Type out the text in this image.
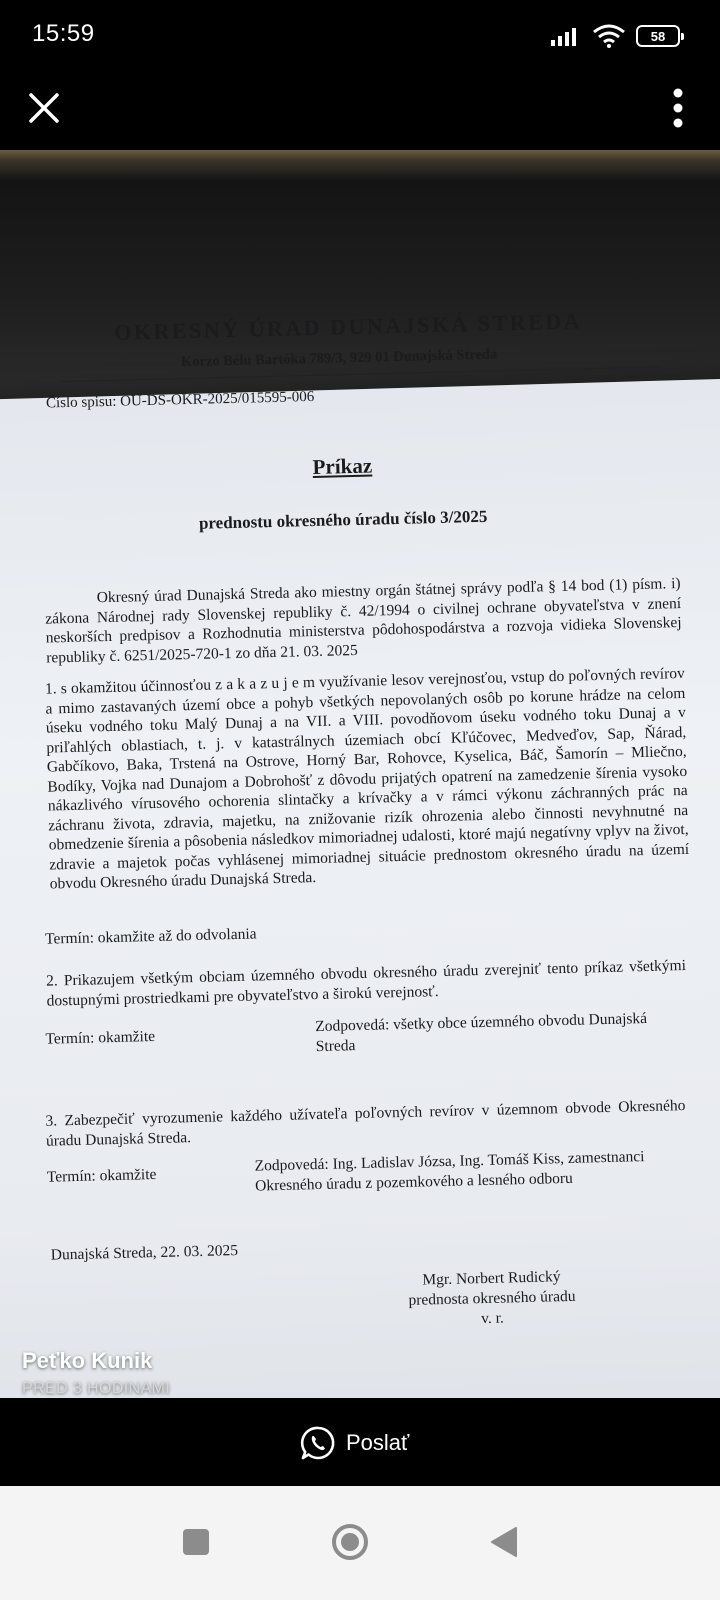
15:59	58
OKRESNÝ ÚRAD DUNAJSKÁ STREDA
Korzo Bélu Bartóka 789/3, 929 01 Dunajská Streda
Číslo spisu: OU-DS-OKR-2025/015595-006
Príkaz
prednostu okresného úradu číslo 3/2025
Okresný úrad Dunajská Streda ako miestny orgán štátnej správy podľa § 14 bod (1) písm. i) zákona Národnej rady Slovenskej republiky č. 42/1994 o civilnej ochrane obyvateľstva v znení neskorších predpisov a Rozhodnutia ministerstva pôdohospodárstva a rozvoja vidieka Slovenskej republiky č. 6251/2025-720-1 zo dňa 21. 03. 2025
1. s okamžitou účinnosťou z a k a z u j e m využívanie lesov verejnosťou, vstup do poľovných revírov a mimo zastavaných území obce a pohyb všetkých nepovolaných osôb po korune hrádze na celom úseku vodného toku Malý Dunaj a na VII. a VIII. povodňovom úseku vodného toku Dunaj a v priľahlých oblastiach, t. j. v katastrálnych územiach obcí Kľúčovec, Medveďov, Sap, Ňárad, Gabčíkovo, Baka, Trstená na Ostrove, Horný Bar, Rohovce, Kyselica, Báč, Šamorín – Mliečno, Bodíky, Vojka nad Dunajom a Dobrohošť z dôvodu prijatých opatrení na zamedzenie šírenia vysoko nákazlivého vírusového ochorenia slintačky a krívačky a v rámci výkonu záchranných prác na záchranu života, zdravia, majetku, na znižovanie rizík ohrozenia alebo činnosti nevyhnutné na obmedzenie šírenia a pôsobenia následkov mimoriadnej udalosti, ktoré majú negatívny vplyv na život, zdravie a majetok počas vyhlásenej mimoriadnej situácie prednostom okresného úradu na území obvodu Okresného úradu Dunajská Streda.
Termín: okamžite až do odvolania
2. Prikazujem všetkým obciam územného obvodu okresného úradu zverejniť tento príkaz všetkými dostupnými prostriedkami pre obyvateľstvo a širokú verejnosť.
Termín: okamžite
Zodpovedá: všetky obce územného obvodu Dunajská Streda
3. Zabezpečiť vyrozumenie každého užívateľa poľovných revírov v územnom obvode Okresného úradu Dunajská Streda.
Termín: okamžite
Zodpovedá: Ing. Ladislav Józsa, Ing. Tomáš Kiss, zamestnanci Okresného úradu z pozemkového a lesného odboru
Dunajská Streda, 22. 03. 2025
Mgr. Norbert Rudický
prednosta okresného úradu
v. r.
Peťko Kunik
PRED 3 HODINAMI
Poslať
